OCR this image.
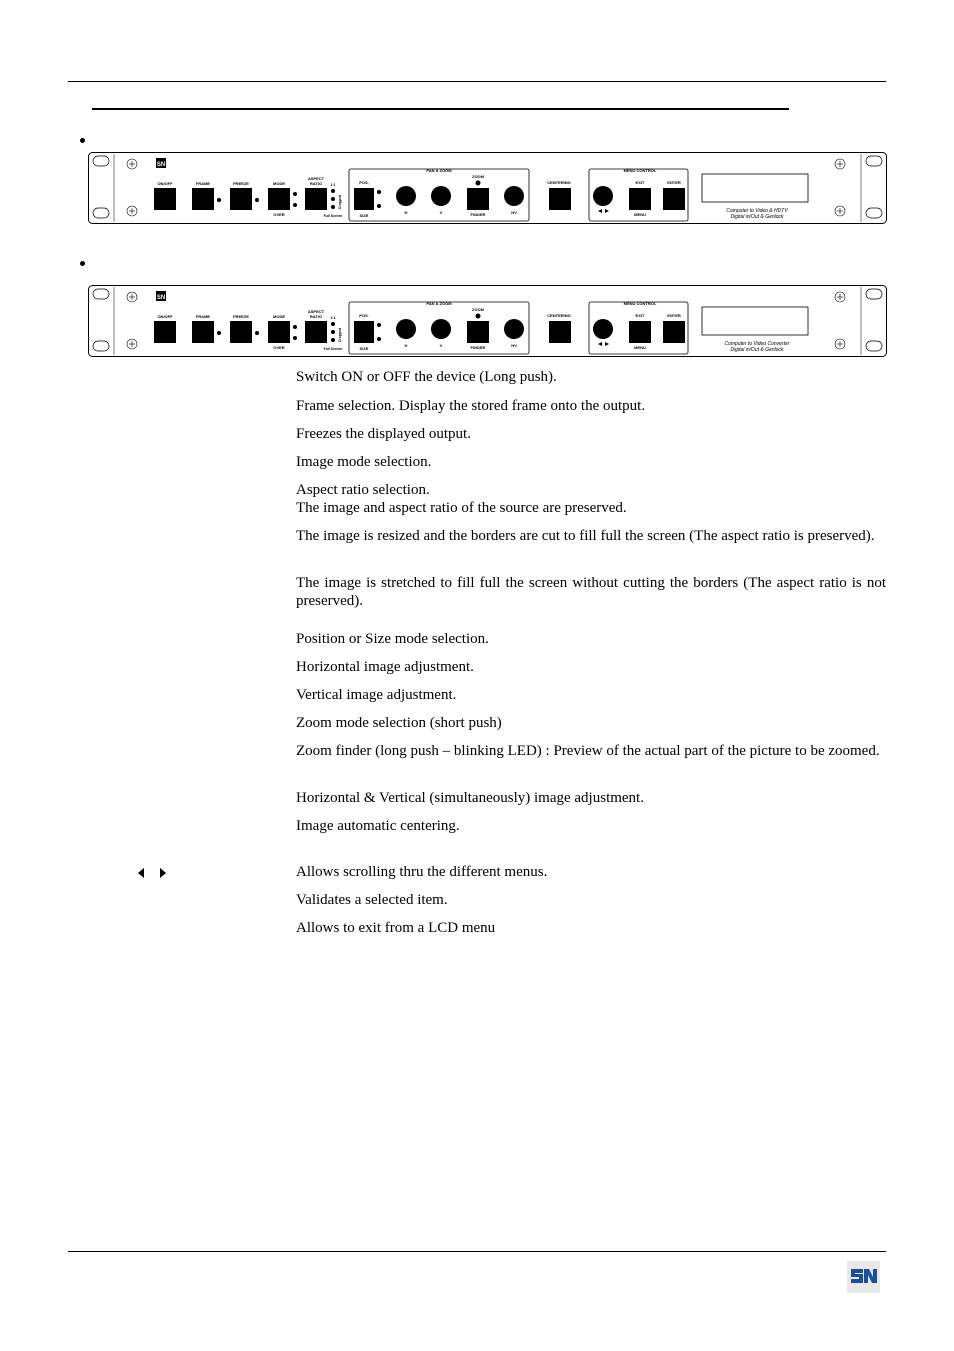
SN
ON/OFF	FRAME	FREEZE	MODE
OVER
ASPECT
RATIO 1:1
Cropped
Full Screen
PAN & ZOOM
POS.
SIZE
H	V
ZOOM
FINDER	HV
CENTERING
MENU CONTROL
EXIT
MENU
ENTER
Computer to Video & HDTV
Digital in/Out & Genlock
SN
ON/OFF	FRAME	FREEZE	MODE
OVER
ASPECT
RATIO 1:1
Cropped
Full Screen
PAN & ZOOM
POS.
SIZE
H	V
ZOOM
FINDER	HV
CENTERING
MENU CONTROL
EXIT
MENU
ENTER
Computer to Video Converter
Digital in/Out & Genlock
Switch ON or OFF the device (Long push).
Frame selection. Display the stored frame onto the output.
Freezes the displayed output.
Image mode selection.
Aspect ratio selection.
The image and aspect ratio of the source are preserved.
The image is resized and the borders are cut to fill full the screen (The aspect ratio is preserved).
The image is stretched to fill full the screen without cutting the borders (The aspect ratio is not preserved).
Position or Size mode selection.
Horizontal image adjustment.
Vertical image adjustment.
Zoom mode selection (short push)
Zoom finder (long push – blinking LED) : Preview of the actual part of the picture to be zoomed.
Horizontal & Vertical (simultaneously) image adjustment.
Image automatic centering.
Allows scrolling thru the different menus.
Validates a selected item.
Allows to exit from a LCD menu
